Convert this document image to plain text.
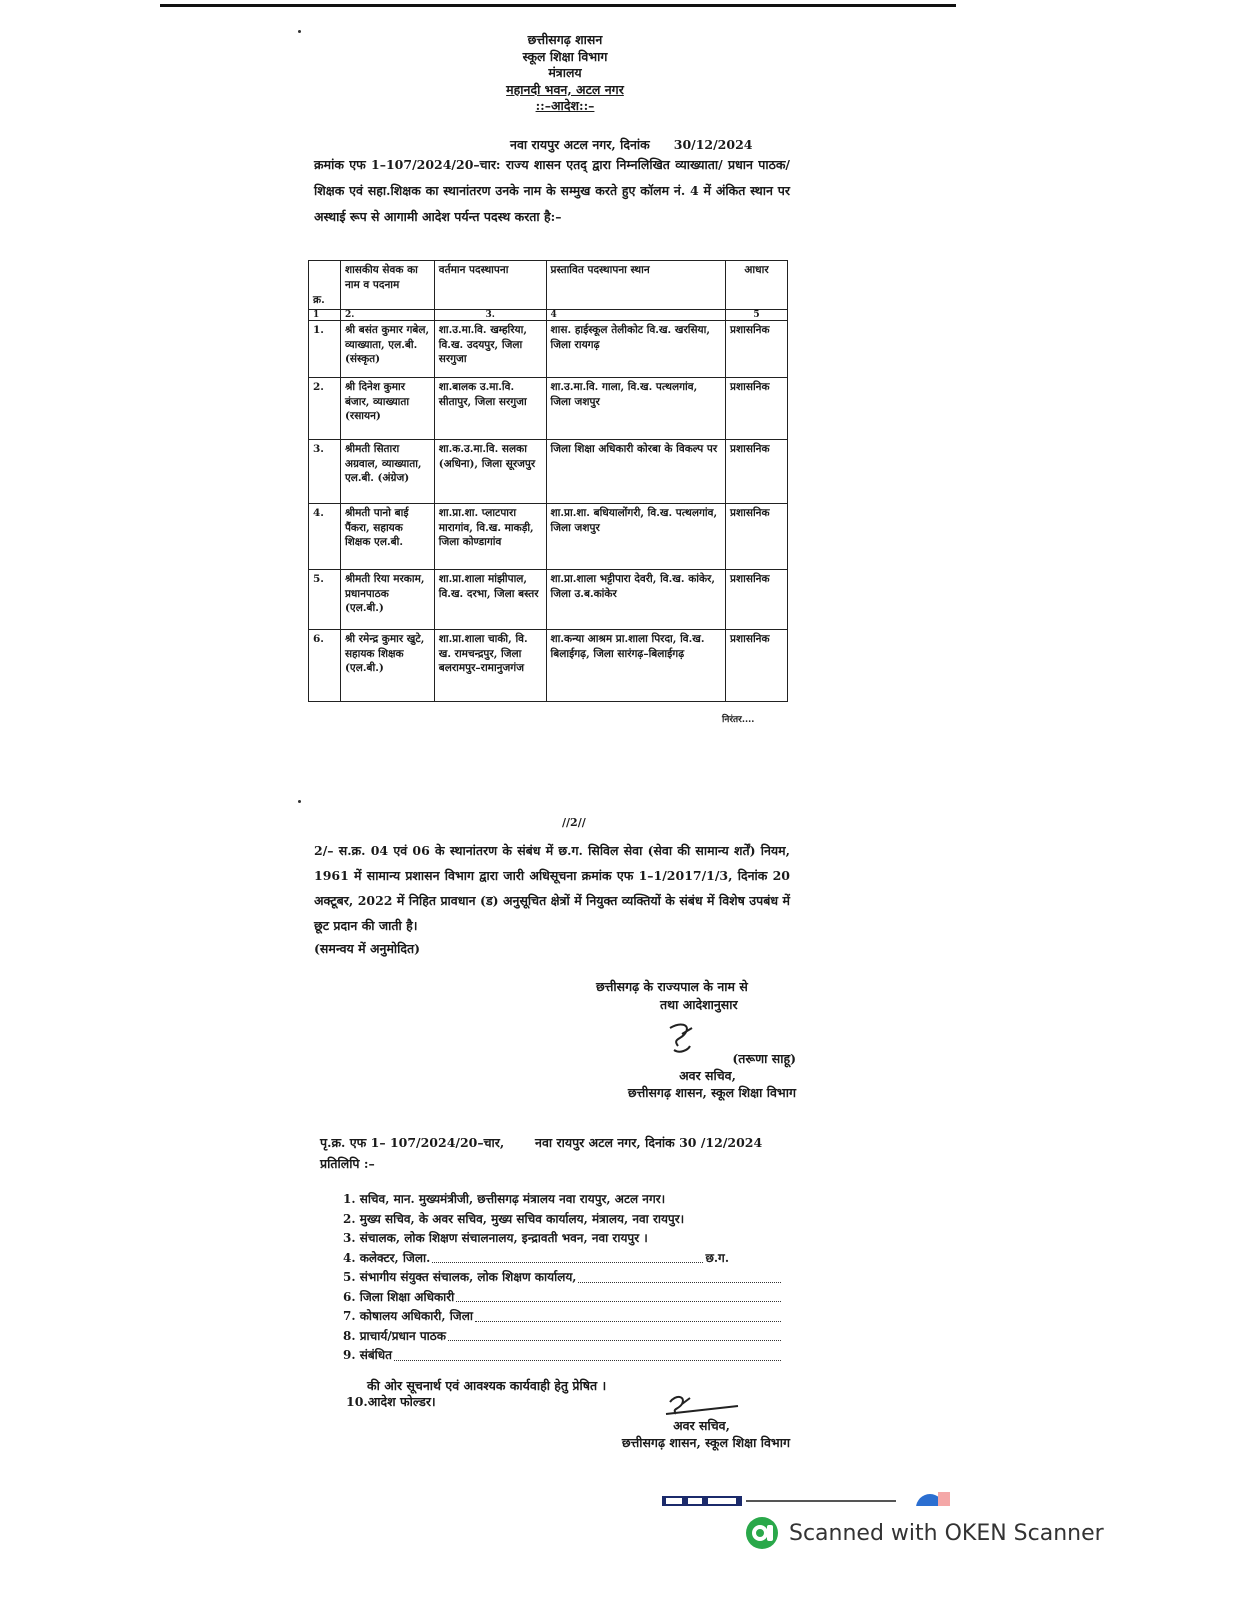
छत्तीसगढ़ शासन
स्कूल शिक्षा विभाग
मंत्रालय
महानदी भवन, अटल नगर
::–आदेश::–
नवा रायपुर अटल नगर, दिनांक 30/12/2024
क्रमांक एफ 1–107/2024/20–चार: राज्य शासन एतद् द्वारा निम्नलिखित व्याख्याता/ प्रधान पाठक/शिक्षक एवं सहा.शिक्षक का स्थानांतरण उनके नाम के सम्मुख करते हुए कॉलम नं. 4 में अंकित स्थान पर अस्थाई रूप से आगामी आदेश पर्यन्त पदस्थ करता है:–
क्र.	शासकीय सेवक का नाम व पदनाम	वर्तमान पदस्थापना	प्रस्तावित पदस्थापना स्थान	आधार
1	2.	3.	4	5
1.	श्री बसंत कुमार गबेल, व्याख्याता, एल.बी. (संस्कृत)	शा.उ.मा.वि. खम्हरिया, वि.ख. उदयपुर, जिला सरगुजा	शास. हाईस्कूल तेलीकोट वि.ख. खरसिया, जिला रायगढ़	प्रशासनिक
2.	श्री दिनेश कुमार बंजार, व्याख्याता (रसायन)	शा.बालक उ.मा.वि. सीतापुर, जिला सरगुजा	शा.उ.मा.वि. गाला, वि.ख. पत्थलगांव, जिला जशपुर	प्रशासनिक
3.	श्रीमती सितारा अग्रवाल, व्याख्याता, एल.बी. (अंग्रेज)	शा.क.उ.मा.वि. सलका (अधिना), जिला सूरजपुर	जिला शिक्षा अधिकारी कोरबा के विकल्प पर	प्रशासनिक
4.	श्रीमती पानो बाई पैंकरा, सहायक शिक्षक एल.बी.	शा.प्रा.शा. प्लाटपारा मारागांव, वि.ख. माकड़ी, जिला कोण्डागांव	शा.प्रा.शा. बधियालोंगरी, वि.ख. पत्थलगांव, जिला जशपुर	प्रशासनिक
5.	श्रीमती रिया मरकाम, प्रधानपाठक (एल.बी.)	शा.प्रा.शाला मांझीपाल, वि.ख. दरभा, जिला बस्तर	शा.प्रा.शाला भट्टीपारा देवरी, वि.ख. कांकेर, जिला उ.ब.कांकेर	प्रशासनिक
6.	श्री रमेन्द्र कुमार खुटे, सहायक शिक्षक (एल.बी.)	शा.प्रा.शाला चाकी, वि. ख. रामचन्द्रपुर, जिला बलरामपुर–रामानुजगंज	शा.कन्या आश्रम प्रा.शाला पिरदा, वि.ख. बिलाईगढ़, जिला सारंगढ़–बिलाईगढ़	प्रशासनिक
निरंतर....
//2//
2/– स.क्र. 04 एवं 06 के स्थानांतरण के संबंध में छ.ग. सिविल सेवा (सेवा की सामान्य शर्तें) नियम, 1961 में सामान्य प्रशासन विभाग द्वारा जारी अधिसूचना क्रमांक एफ 1–1/2017/1/3, दिनांक 20 अक्टूबर, 2022 में निहित प्रावधान (ड) अनुसूचित क्षेत्रों में नियुक्त व्यक्तियों के संबंध में विशेष उपबंध में छूट प्रदान की जाती है।
(समन्वय में अनुमोदित)
छत्तीसगढ़ के राज्यपाल के नाम से
तथा आदेशानुसार
(तरूणा साहू)
अवर सचिव,
छत्तीसगढ़ शासन, स्कूल शिक्षा विभाग
पृ.क्र. एफ 1– 107/2024/20–चार, नवा रायपुर अटल नगर, दिनांक 30 /12/2024
प्रतिलिपि :–
1. सचिव, मान. मुख्यमंत्रीजी, छत्तीसगढ़ मंत्रालय नवा रायपुर, अटल नगर।
2. मुख्य सचिव, के अवर सचिव, मुख्य सचिव कार्यालय, मंत्रालय, नवा रायपुर।
3. संचालक, लोक शिक्षण संचालनालय, इन्द्रावती भवन, नवा रायपुर ।
4. कलेक्टर, जिला.	छ.ग.
5. संभागीय संयुक्त संचालक, लोक शिक्षण कार्यालय,
6. जिला शिक्षा अधिकारी
7. कोषालय अधिकारी, जिला
8. प्राचार्य/प्रधान पाठक
9. संबंधित
की ओर सूचनार्थ एवं आवश्यक कार्यवाही हेतु प्रेषित ।
10.आदेश फोल्डर।
अवर सचिव,
छत्तीसगढ़ शासन, स्कूल शिक्षा विभाग
Scanned with OKEN Scanner
